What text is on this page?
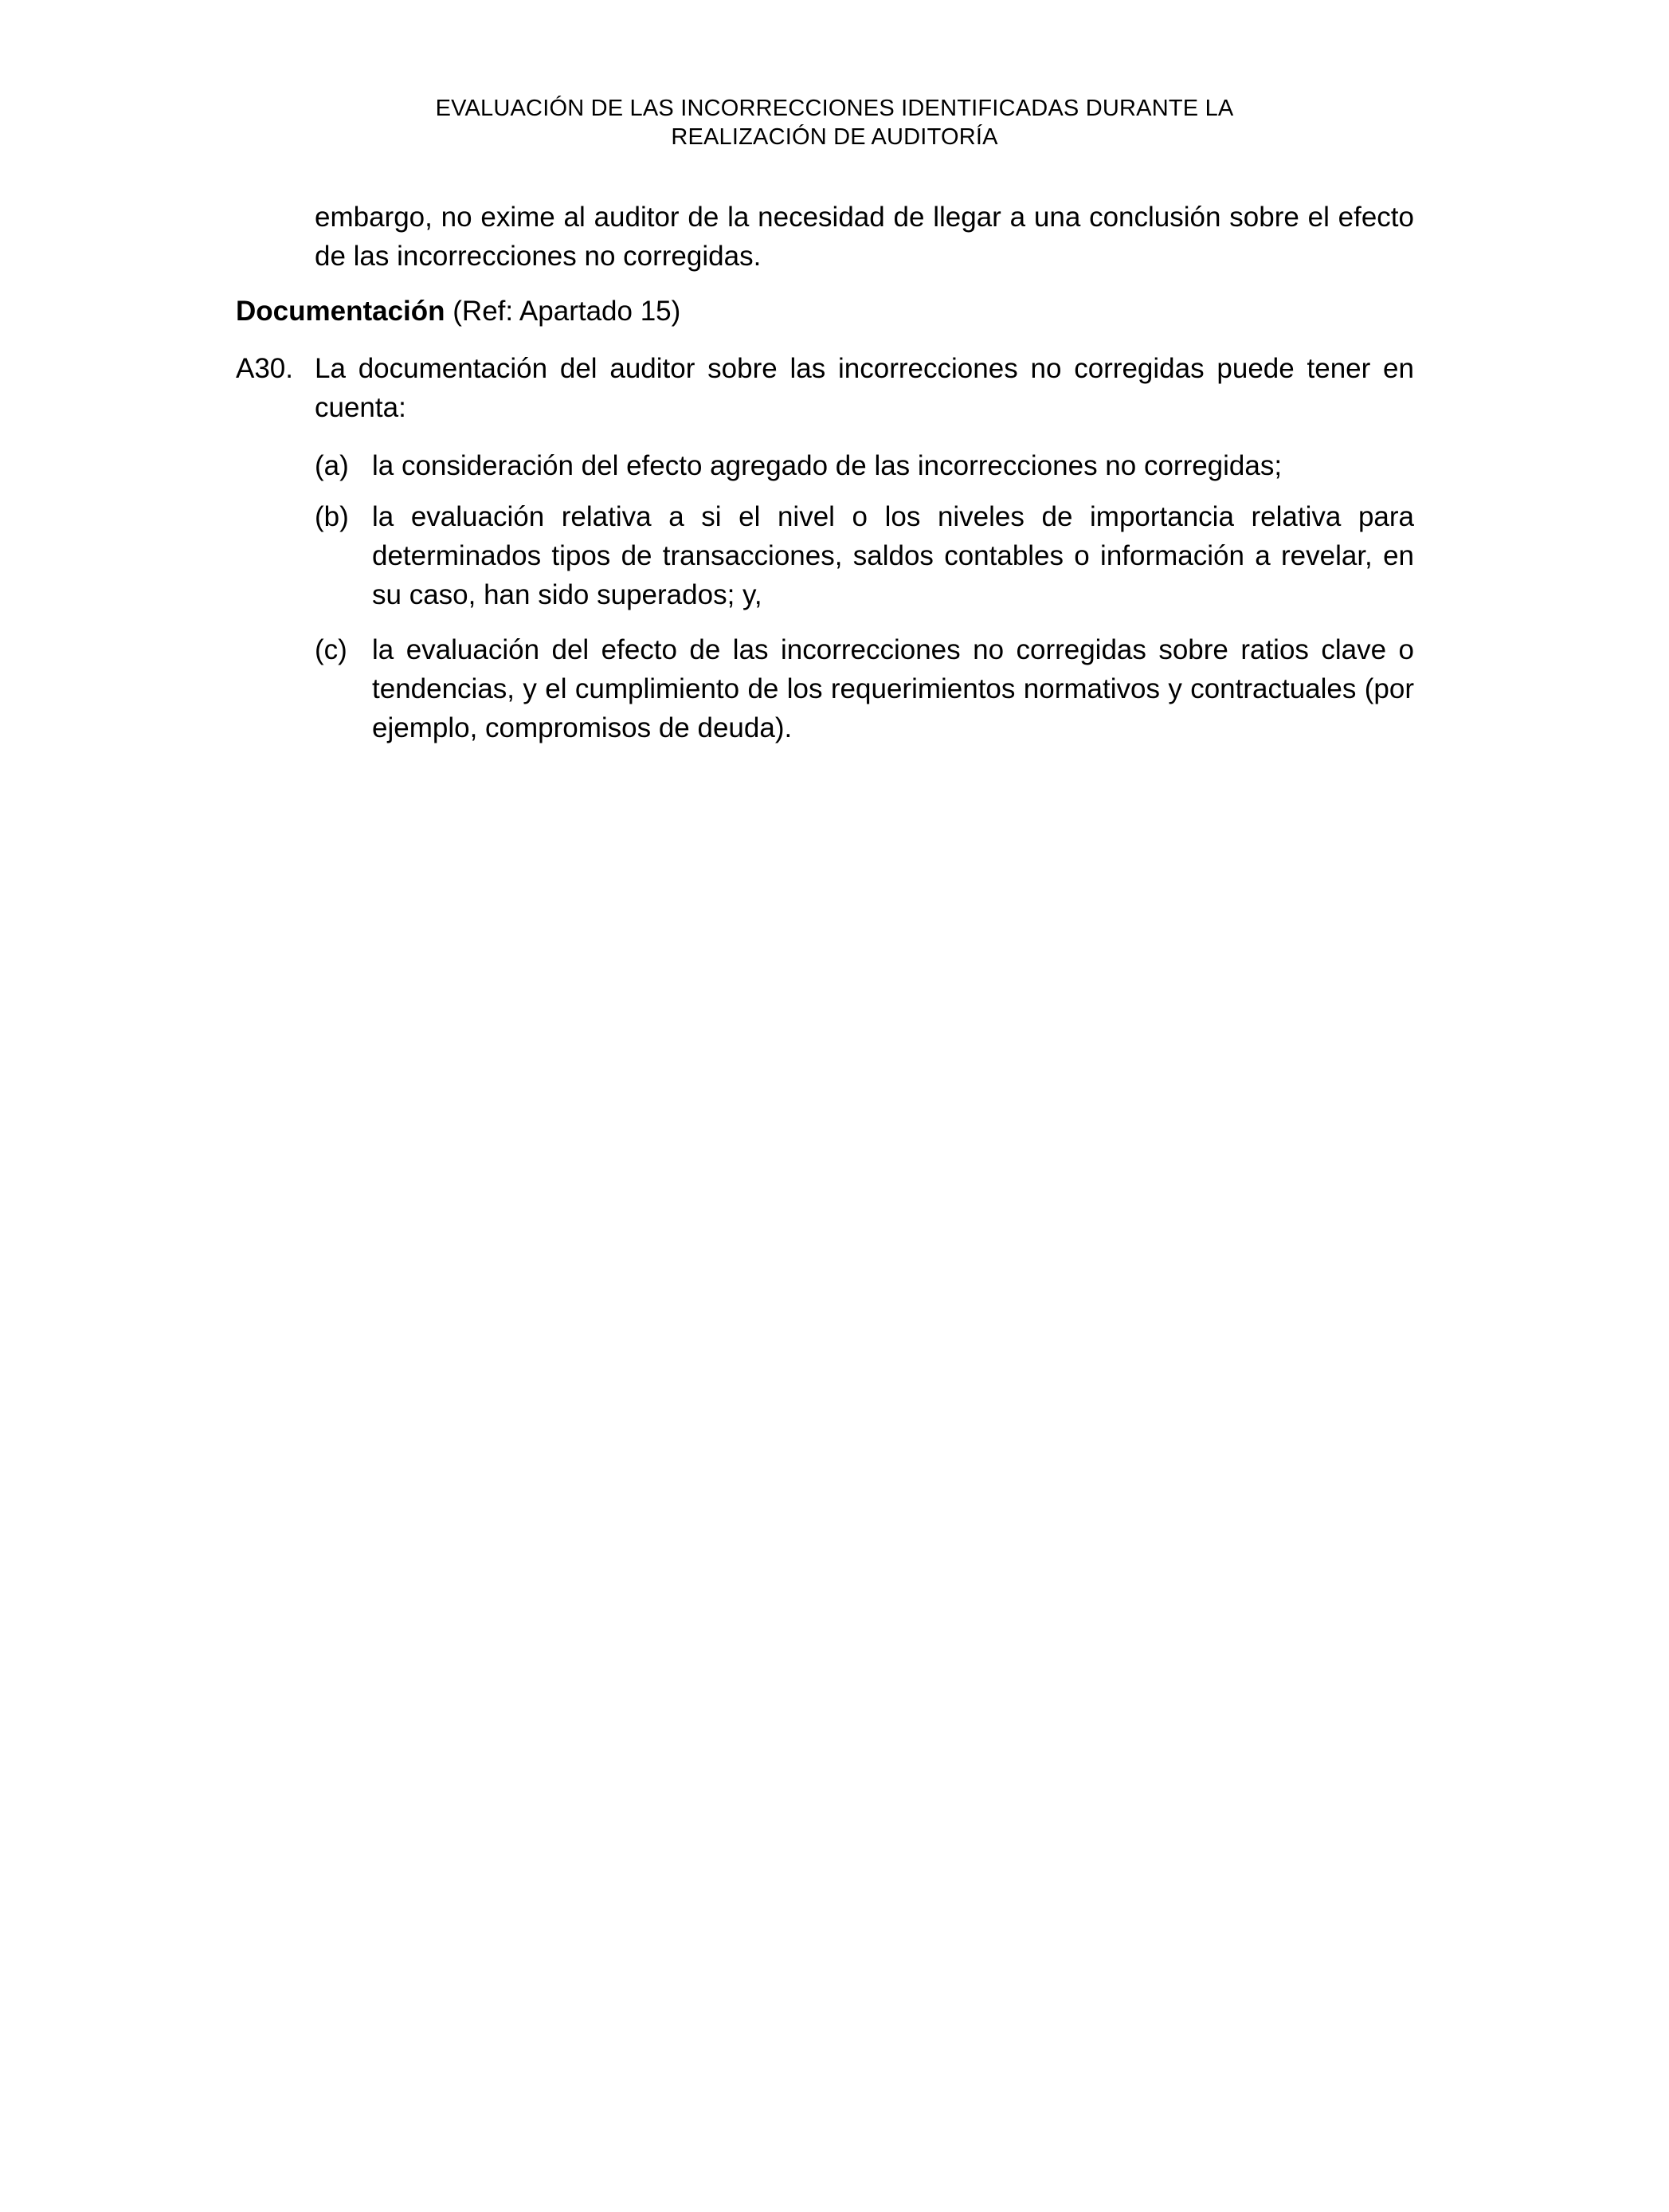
EVALUACIÓN DE LAS INCORRECCIONES IDENTIFICADAS DURANTE LA
REALIZACIÓN DE AUDITORÍA
embargo, no exime al auditor de la necesidad de llegar a una conclusión sobre el efecto de las incorrecciones no corregidas.
Documentación (Ref: Apartado 15)
A30. La documentación del auditor sobre las incorrecciones no corregidas puede tener en cuenta:
(a) la consideración del efecto agregado de las incorrecciones no corregidas;
(b) la evaluación relativa a si el nivel o los niveles de importancia relativa para determinados tipos de transacciones, saldos contables o información a revelar, en su caso, han sido superados; y,
(c) la evaluación del efecto de las incorrecciones no corregidas sobre ratios clave o tendencias, y el cumplimiento de los requerimientos normativos y contractuales (por ejemplo, compromisos de deuda).
